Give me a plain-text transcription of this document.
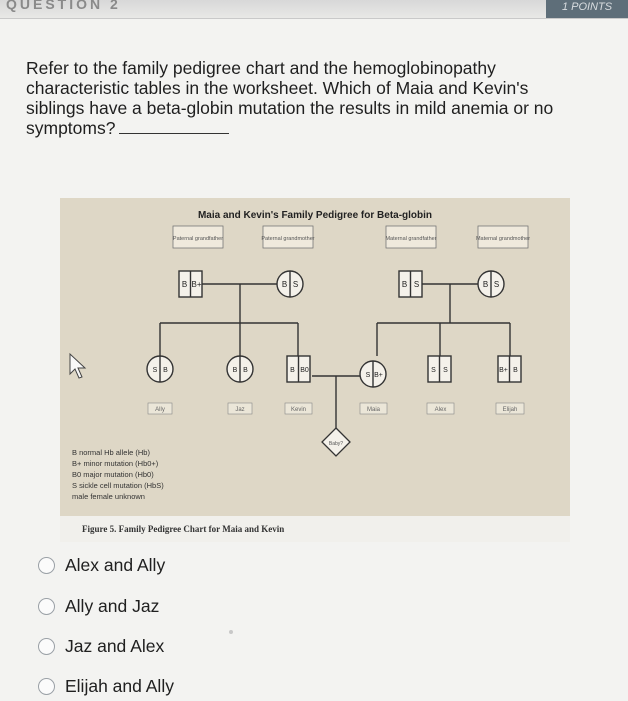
QUESTION 2	1 POINTS
Refer to the family pedigree chart and the hemoglobinopathy
characteristic tables in the worksheet. Which of Maia and Kevin's
siblings have a beta-globin mutation the results in mild anemia or no
symptoms?
Maia and Kevin's Family Pedigree for Beta-globin
Paternal grandfather	Paternal grandmother	Maternal grandfather	Maternal grandmother
B B+	B S	B S	B S
S B	B B	B B0
S B+
S S	B+ B
Ally	Jaz	Kevin	Maia	Alex	Elijah
Baby?
B normal Hb allele (Hb)
B+ minor mutation (Hb0+)
B0 major mutation (Hb0)
S sickle cell mutation (HbS)
male female unknown
Figure 5. Family Pedigree Chart for Maia and Kevin
Alex and Ally
Ally and Jaz
Jaz and Alex
Elijah and Ally
